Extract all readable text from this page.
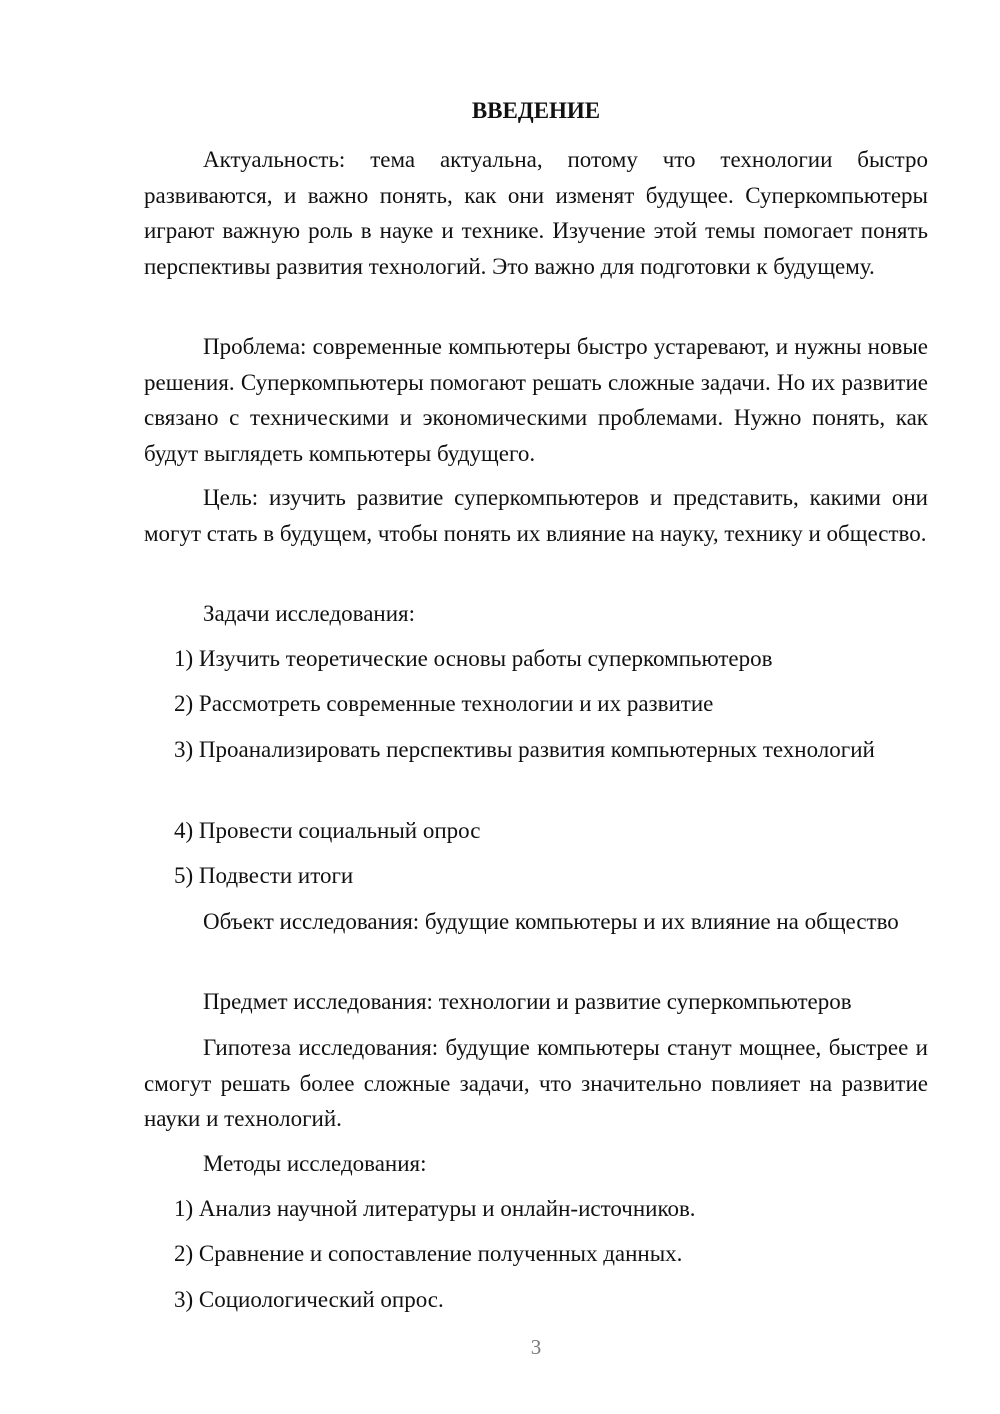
ВВЕДЕНИЕ

Актуальность: тема актуальна, потому что технологии быстро развиваются, и важно понять, как они изменят будущее. Суперкомпьютеры играют важную роль в науке и технике. Изучение этой темы помогает понять перспективы развития технологий. Это важно для подготовки к будущему.

Проблема: современные компьютеры быстро устаревают, и нужны новые решения. Суперкомпьютеры помогают решать сложные задачи. Но их развитие связано с техническими и экономическими проблемами. Нужно понять, как будут выглядеть компьютеры будущего.

Цель: изучить развитие суперкомпьютеров и представить, какими они могут стать в будущем, чтобы понять их влияние на науку, технику и общество.

Задачи исследования:

1) Изучить теоретические основы работы суперкомпьютеров

2) Рассмотреть современные технологии и их развитие

3) Проанализировать перспективы развития компьютерных технологий

4) Провести социальный опрос

5) Подвести итоги

Объект исследования: будущие компьютеры и их влияние на общество

Предмет исследования: технологии и развитие суперкомпьютеров

Гипотеза исследования: будущие компьютеры станут мощнее, быстрее и смогут решать более сложные задачи, что значительно повлияет на развитие науки и технологий.

Методы исследования:

1) Анализ научной литературы и онлайн-источников.

2) Сравнение и сопоставление полученных данных.

3) Социологический опрос.

3
